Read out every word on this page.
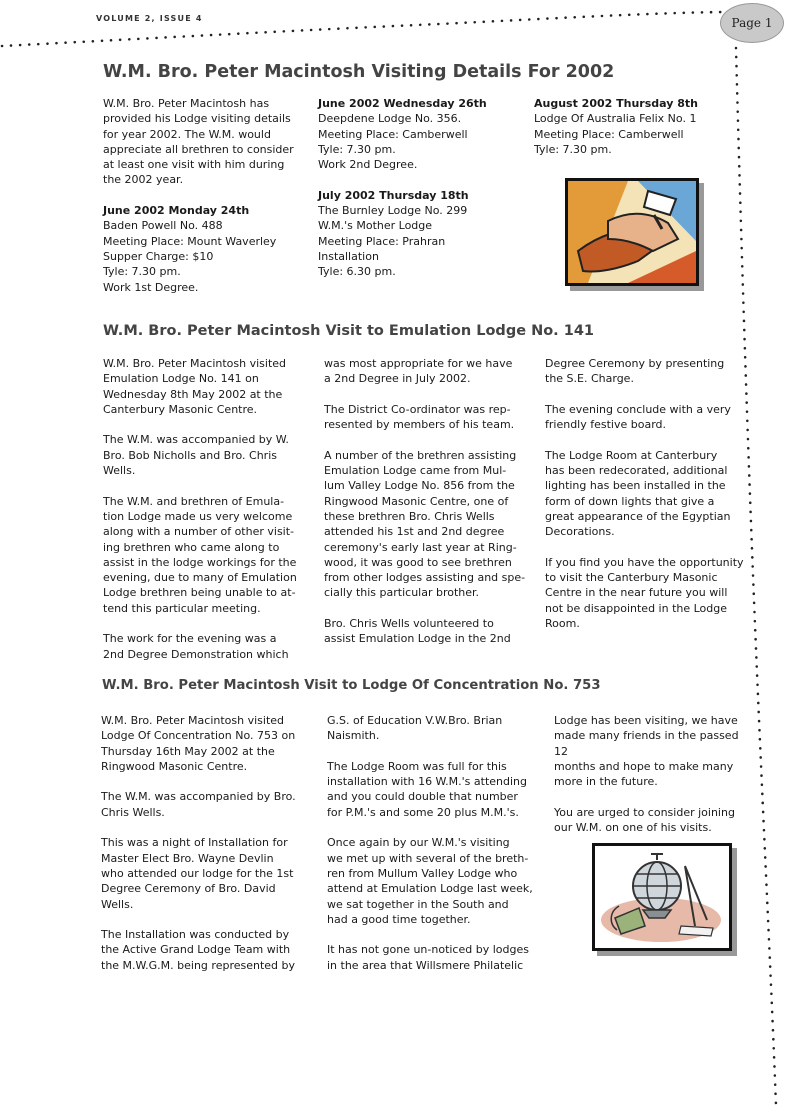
VOLUME 2, ISSUE 4	Page 1
W.M. Bro. Peter Macintosh Visiting Details For 2002

W.M. Bro. Peter Macintosh has
provided his Lodge visiting details
for year 2002. The W.M. would
appreciate all brethren to consider
at least one visit with him during
the 2002 year.

June 2002 Monday 24th
Baden Powell No. 488
Meeting Place: Mount Waverley
Supper Charge: $10
Tyle: 7.30 pm.
Work 1st Degree.
June 2002 Wednesday 26th
Deepdene Lodge No. 356.
Meeting Place: Camberwell
Tyle: 7.30 pm.
Work 2nd Degree.
July 2002 Thursday 18th
The Burnley Lodge No. 299
W.M.'s Mother Lodge
Meeting Place: Prahran
Installation
Tyle: 6.30 pm.
August 2002 Thursday 8th
Lodge Of Australia Felix No. 1
Meeting Place: Camberwell
Tyle: 7.30 pm.
W.M. Bro. Peter Macintosh Visit to Emulation Lodge No. 141

W.M. Bro. Peter Macintosh visited
Emulation Lodge No. 141 on
Wednesday 8th May 2002 at the
Canterbury Masonic Centre.

The W.M. was accompanied by W.
Bro. Bob Nicholls and Bro. Chris
Wells.

The W.M. and brethren of Emula-
tion Lodge made us very welcome
along with a number of other visit-
ing brethren who came along to
assist in the lodge workings for the
evening, due to many of Emulation
Lodge brethren being unable to at-
tend this particular meeting.

The work for the evening was a
2nd Degree Demonstration which

was most appropriate for we have
a 2nd Degree in July 2002.

The District Co-ordinator was rep-
resented by members of his team.

A number of the brethren assisting
Emulation Lodge came from Mul-
lum Valley Lodge No. 856 from the
Ringwood Masonic Centre, one of
these brethren Bro. Chris Wells
attended his 1st and 2nd degree
ceremony's early last year at Ring-
wood, it was good to see brethren
from other lodges assisting and spe-
cially this particular brother.

Bro. Chris Wells volunteered to
assist Emulation Lodge in the 2nd

Degree Ceremony by presenting
the S.E. Charge.

The evening conclude with a very
friendly festive board.

The Lodge Room at Canterbury
has been redecorated, additional
lighting has been installed in the
form of down lights that give a
great appearance of the Egyptian
Decorations.

If you find you have the opportunity
to visit the Canterbury Masonic
Centre in the near future you will
not be disappointed in the Lodge
Room.

W.M. Bro. Peter Macintosh Visit to Lodge Of Concentration No. 753

W.M. Bro. Peter Macintosh visited
Lodge Of Concentration No. 753 on
Thursday 16th May 2002 at the
Ringwood Masonic Centre.

The W.M. was accompanied by Bro.
Chris Wells.

This was a night of Installation for
Master Elect Bro. Wayne Devlin
who attended our lodge for the 1st
Degree Ceremony of Bro. David
Wells.

The Installation was conducted by
the Active Grand Lodge Team with
the M.W.G.M. being represented by

G.S. of Education V.W.Bro. Brian
Naismith.

The Lodge Room was full for this
installation with 16 W.M.'s attending
and you could double that number
for P.M.'s and some 20 plus M.M.'s.

Once again by our W.M.'s visiting
we met up with several of the breth-
ren from Mullum Valley Lodge who
attend at Emulation Lodge last week,
we sat together in the South and
had a good time together.

It has not gone un-noticed by lodges
in the area that Willsmere Philatelic

Lodge has been visiting, we have
made many friends in the passed 12
months and hope to make many
more in the future.

You are urged to consider joining
our W.M. on one of his visits.
